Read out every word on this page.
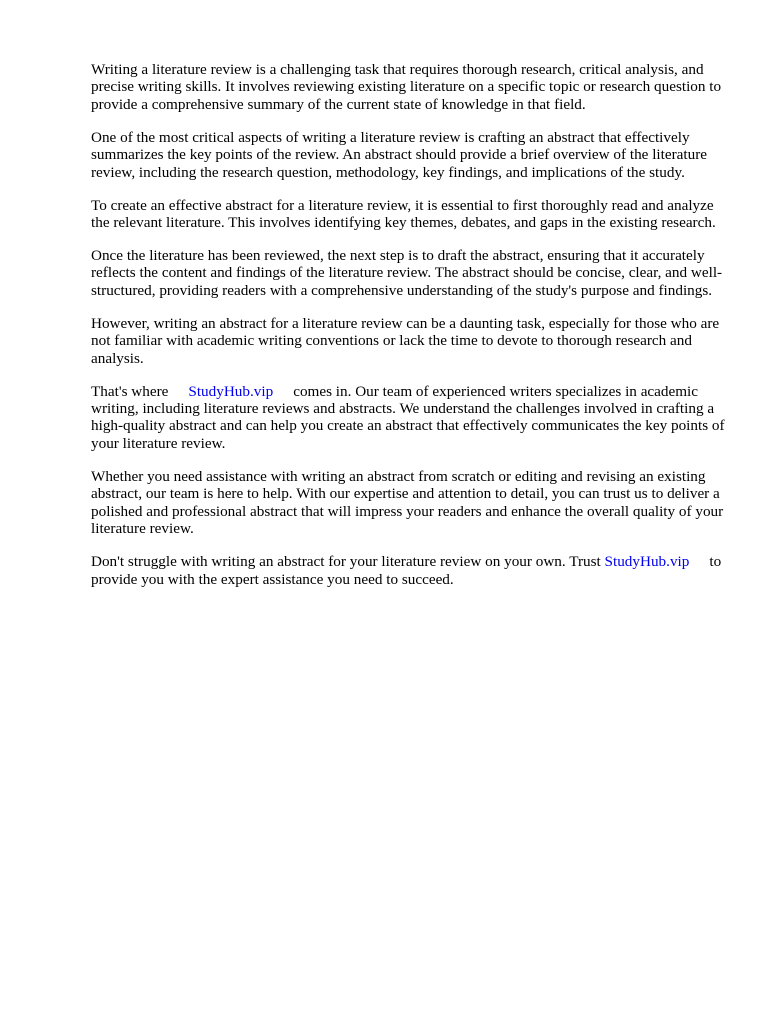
Writing a literature review is a challenging task that requires thorough research, critical analysis, and precise writing skills. It involves reviewing existing literature on a specific topic or research question to provide a comprehensive summary of the current state of knowledge in that field.

One of the most critical aspects of writing a literature review is crafting an abstract that effectively summarizes the key points of the review. An abstract should provide a brief overview of the literature review, including the research question, methodology, key findings, and implications of the study.

To create an effective abstract for a literature review, it is essential to first thoroughly read and analyze the relevant literature. This involves identifying key themes, debates, and gaps in the existing research.

Once the literature has been reviewed, the next step is to draft the abstract, ensuring that it accurately reflects the content and findings of the literature review. The abstract should be concise, clear, and well-structured, providing readers with a comprehensive understanding of the study's purpose and findings.

However, writing an abstract for a literature review can be a daunting task, especially for those who are not familiar with academic writing conventions or lack the time to devote to thorough research and analysis.

That's where StudyHub.vip comes in. Our team of experienced writers specializes in academic writing, including literature reviews and abstracts. We understand the challenges involved in crafting a high-quality abstract and can help you create an abstract that effectively communicates the key points of your literature review.

Whether you need assistance with writing an abstract from scratch or editing and revising an existing abstract, our team is here to help. With our expertise and attention to detail, you can trust us to deliver a polished and professional abstract that will impress your readers and enhance the overall quality of your literature review.

Don't struggle with writing an abstract for your literature review on your own. Trust StudyHub.vip to provide you with the expert assistance you need to succeed.
